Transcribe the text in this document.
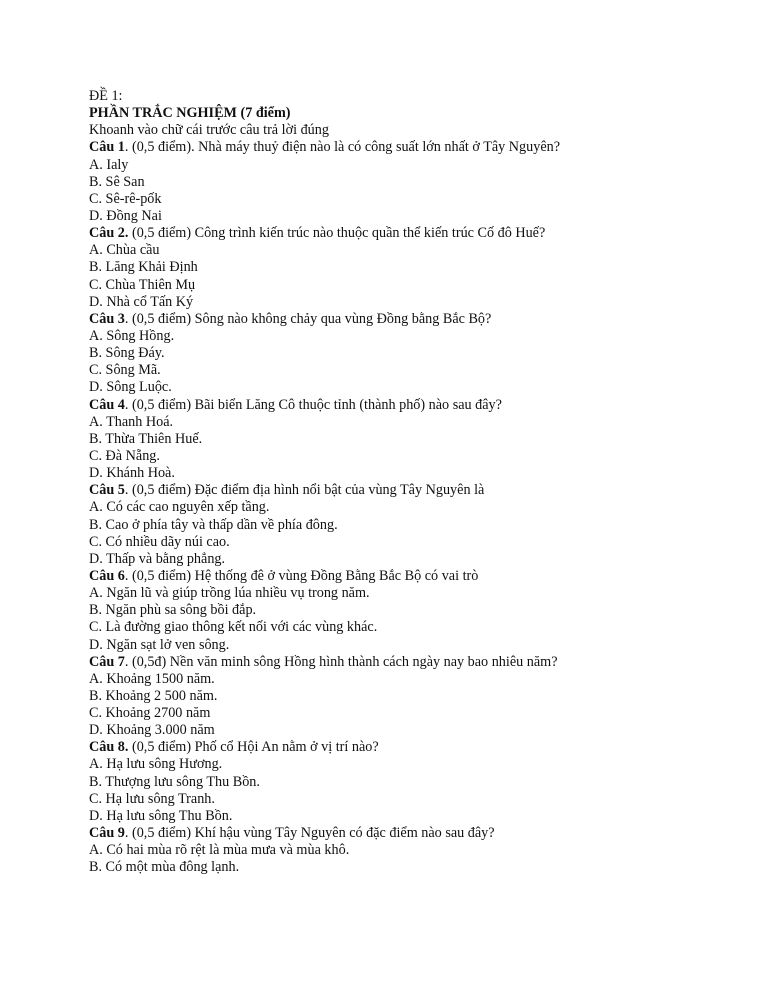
ĐỀ 1:
PHẦN TRẮC NGHIỆM (7 điểm)
Khoanh vào chữ cái trước câu trả lời đúng
Câu 1. (0,5 điểm). Nhà máy thuỷ điện nào là có công suất lớn nhất ở Tây Nguyên?
A. Ialy
B. Sê San
C. Sê-rê-pốk
D. Đồng Nai
Câu 2. (0,5 điểm) Công trình kiến trúc nào thuộc quần thể kiến trúc Cố đô Huế?
A. Chùa cầu
B. Lăng Khải Định
C. Chùa Thiên Mụ
D. Nhà cổ Tấn Ký
Câu 3. (0,5 điểm) Sông nào không chảy qua vùng Đồng bằng Bắc Bộ?
A. Sông Hồng.
B. Sông Đáy.
C. Sông Mã.
D. Sông Luộc.
Câu 4. (0,5 điểm) Bãi biển Lăng Cô thuộc tỉnh (thành phố) nào sau đây?
A. Thanh Hoá.
B. Thừa Thiên Huế.
C. Đà Nẵng.
D. Khánh Hoà.
Câu 5. (0,5 điểm) Đặc điểm địa hình nổi bật của vùng Tây Nguyên là
A. Có các cao nguyên xếp tầng.
B. Cao ở phía tây và thấp dần về phía đông.
C. Có nhiều dãy núi cao.
D. Thấp và bằng phẳng.
Câu 6. (0,5 điểm) Hệ thống đê ở vùng Đồng Bằng Bắc Bộ có vai trò
A. Ngăn lũ và giúp trồng lúa nhiều vụ trong năm.
B. Ngăn phù sa sông bồi đắp.
C. Là đường giao thông kết nối với các vùng khác.
D. Ngăn sạt lở ven sông.
Câu 7. (0,5đ) Nền văn minh sông Hồng hình thành cách ngày nay bao nhiêu năm?
A. Khoảng 1500 năm.
B. Khoảng 2 500 năm.
C. Khoảng 2700 năm
D. Khoảng 3.000 năm
Câu 8. (0,5 điểm) Phố cổ Hội An nằm ở vị trí nào?
A. Hạ lưu sông Hương.
B. Thượng lưu sông Thu Bồn.
C. Hạ lưu sông Tranh.
D. Hạ lưu sông Thu Bồn.
Câu 9. (0,5 điểm) Khí hậu vùng Tây Nguyên có đặc điểm nào sau đây?
A. Có hai mùa rõ rệt là mùa mưa và mùa khô.
B. Có một mùa đông lạnh.
